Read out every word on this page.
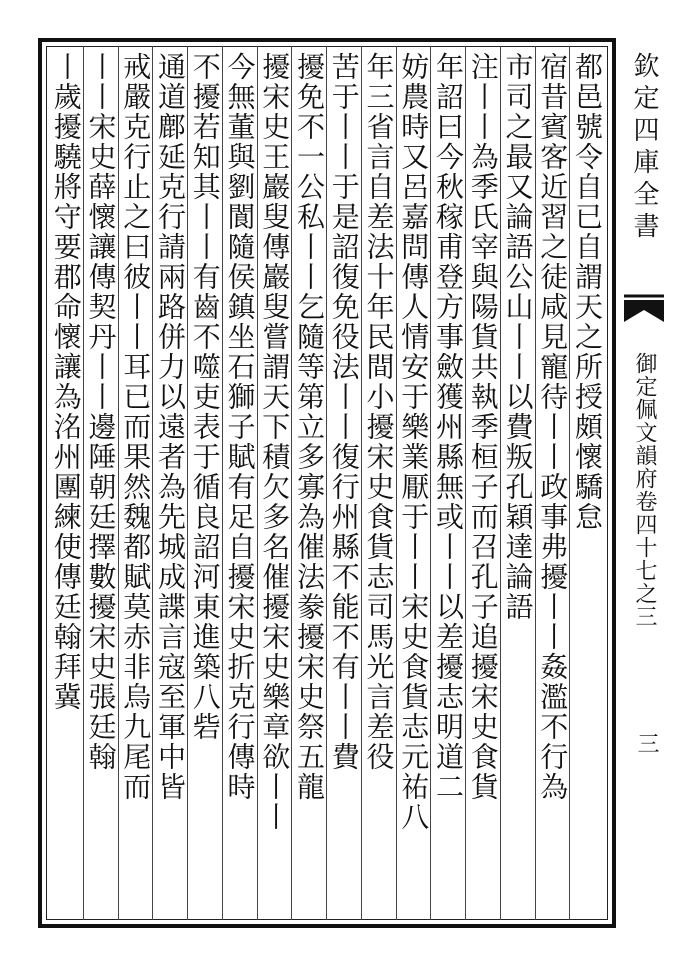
都邑號令自已自謂天之所授頗懷驕怠
宿昔賓客近習之徒咸見寵待丨丨政事弗擾丨丨姦濫不行為
市司之最又論語公山丨丨以費叛孔穎達論語
注丨丨為季氏宰與陽貨共執季桓子而召孔子追擾宋史食貨
年詔曰今秋稼甫登方事斂獲州縣無或丨丨以差擾志明道二
妨農時又呂嘉問傳人情安于樂業厭于丨丨宋史食貨志元祐八
年三省言自差法十年民間小擾宋史食貨志司馬光言差役
苦于丨丨于是詔復免役法丨丨復行州縣不能不有丨丨費
擾免不一公私丨丨乞隨等第立多寡為催法豢擾宋史祭五龍
擾宋史王巖叟傳巖叟嘗謂天下積欠多名催擾宋史樂章欲丨丨
今無董與劉閬隨侯鎮坐石獅子賦有足自擾宋史折克行傳時
不擾若知其丨丨有齒不噬吏表于循良詔河東進築八砦
通道鄜延克行請兩路併力以遠者為先城成諜言寇至軍中皆
戒嚴克行止之曰彼丨丨耳已而果然魏都賦莫赤非烏九尾而
丨丨宋史薛懷讓傳契丹丨丨邊陲朝廷擇數擾宋史張廷翰
丨歲擾驍將守要郡命懷讓為洺州團練使傳廷翰拜冀	欽定四庫全書
御定佩文韻府卷四十七之三
三
